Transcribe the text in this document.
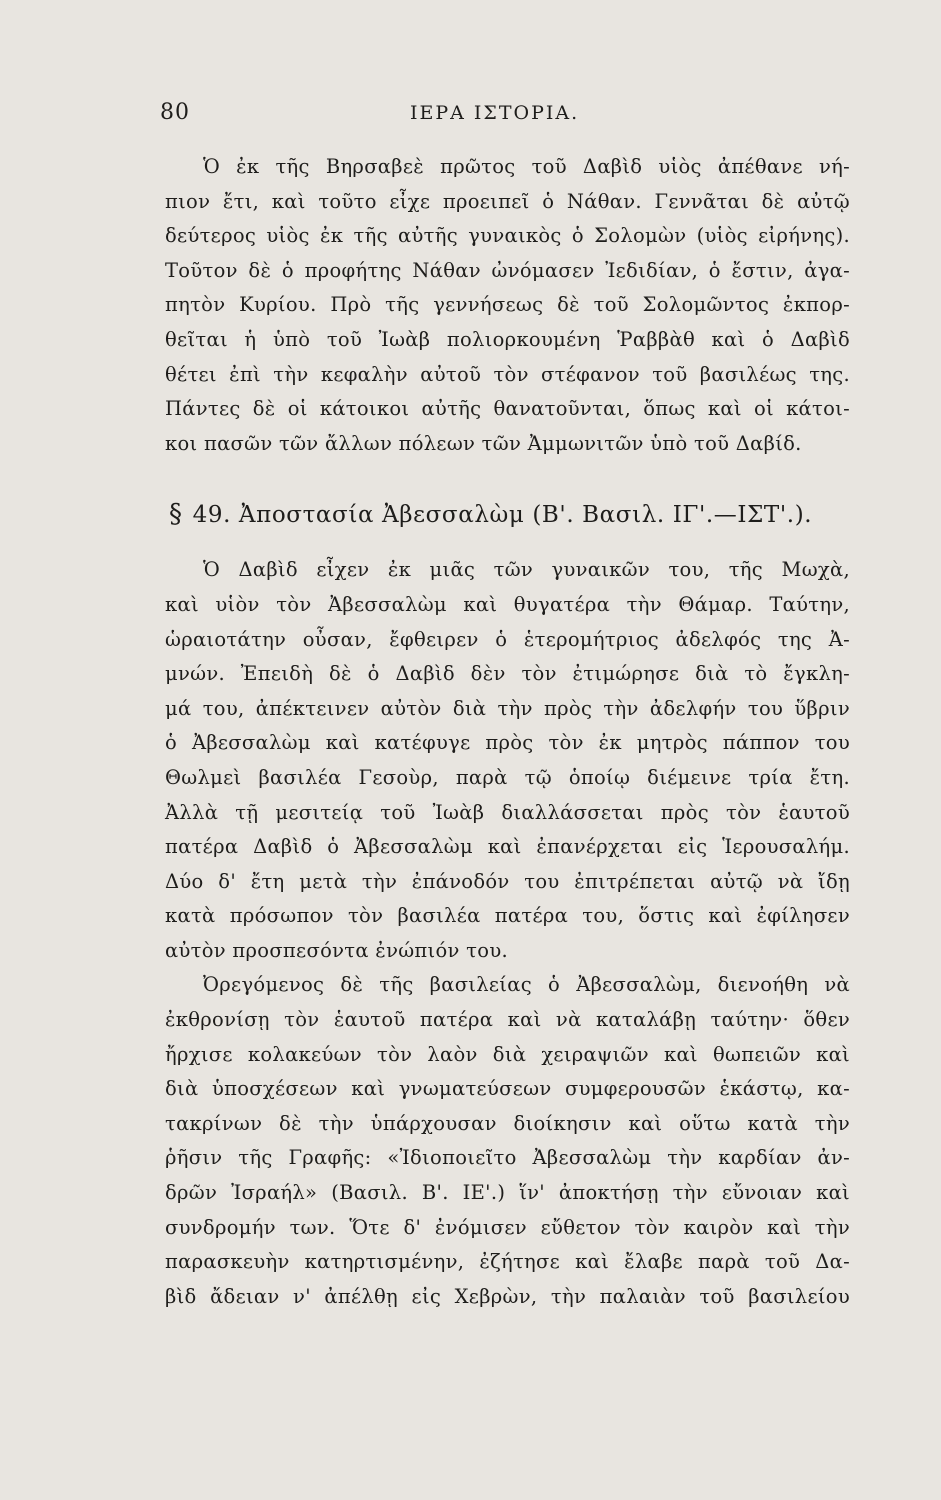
80	ΙΕΡΑ ΙΣΤΟΡΙΑ.
Ὁ ἐκ τῆς Βηρσαβεὲ πρῶτος τοῦ Δαβὶδ υἱὸς ἀπέθανε νή-
πιον ἔτι, καὶ τοῦτο εἶχε προειπεῖ ὁ Νάθαν. Γεννᾶται δὲ αὐτῷ
δεύτερος υἱὸς ἐκ τῆς αὐτῆς γυναικὸς ὁ Σολομὼν (υἱὸς εἰρήνης).
Τοῦτον δὲ ὁ προφήτης Νάθαν ὠνόμασεν Ἰεδιδίαν, ὁ ἔστιν, ἀγα-
πητὸν Κυρίου. Πρὸ τῆς γεννήσεως δὲ τοῦ Σολομῶντος ἐκπορ-
θεῖται ἡ ὑπὸ τοῦ Ἰωὰβ πολιορκουμένη Ῥαββὰθ καὶ ὁ Δαβὶδ
θέτει ἐπὶ τὴν κεφαλὴν αὐτοῦ τὸν στέφανον τοῦ βασιλέως της.
Πάντες δὲ οἱ κάτοικοι αὐτῆς θανατοῦνται, ὅπως καὶ οἱ κάτοι-
κοι πασῶν τῶν ἄλλων πόλεων τῶν Ἀμμωνιτῶν ὑπὸ τοῦ Δαβίδ.
§ 49. Ἀποστασία Ἀβεσσαλὼμ (Β'. Βασιλ. ΙΓ'.—ΙΣΤ'.).
Ὁ Δαβὶδ εἶχεν ἐκ μιᾶς τῶν γυναικῶν του, τῆς Μωχὰ,
καὶ υἱὸν τὸν Ἀβεσσαλὼμ καὶ θυγατέρα τὴν Θάμαρ. Ταύτην,
ὡραιοτάτην οὖσαν, ἔφθειρεν ὁ ἑτερομήτριος ἀδελφός της Ἀ-
μνών. Ἐπειδὴ δὲ ὁ Δαβὶδ δὲν τὸν ἐτιμώρησε διὰ τὸ ἔγκλη-
μά του, ἀπέκτεινεν αὐτὸν διὰ τὴν πρὸς τὴν ἀδελφήν του ὕβριν
ὁ Ἀβεσσαλὼμ καὶ κατέφυγε πρὸς τὸν ἐκ μητρὸς πάππον του
Θωλμεὶ βασιλέα Γεσοὺρ, παρὰ τῷ ὁποίῳ διέμεινε τρία ἔτη.
Ἀλλὰ τῇ μεσιτείᾳ τοῦ Ἰωὰβ διαλλάσσεται πρὸς τὸν ἑαυτοῦ
πατέρα Δαβὶδ ὁ Ἀβεσσαλὼμ καὶ ἐπανέρχεται εἰς Ἱερουσαλήμ.
Δύο δ' ἔτη μετὰ τὴν ἐπάνοδόν του ἐπιτρέπεται αὐτῷ νὰ ἴδῃ
κατὰ πρόσωπον τὸν βασιλέα πατέρα του, ὅστις καὶ ἐφίλησεν
αὐτὸν προσπεσόντα ἐνώπιόν του.
Ὀρεγόμενος δὲ τῆς βασιλείας ὁ Ἀβεσσαλὼμ, διενοήθη νὰ
ἐκθρονίσῃ τὸν ἑαυτοῦ πατέρα καὶ νὰ καταλάβῃ ταύτην· ὅθεν
ἤρχισε κολακεύων τὸν λαὸν διὰ χειραψιῶν καὶ θωπειῶν καὶ
διὰ ὑποσχέσεων καὶ γνωματεύσεων συμφερουσῶν ἑκάστῳ, κα-
τακρίνων δὲ τὴν ὑπάρχουσαν διοίκησιν καὶ οὕτω κατὰ τὴν
ῥῆσιν τῆς Γραφῆς: «Ἰδιοποιεῖτο Ἀβεσσαλὼμ τὴν καρδίαν ἀν-
δρῶν Ἰσραήλ» (Βασιλ. Β'. ΙΕ'.) ἵν' ἀποκτήσῃ τὴν εὔνοιαν καὶ
συνδρομήν των. Ὅτε δ' ἐνόμισεν εὔθετον τὸν καιρὸν καὶ τὴν
παρασκευὴν κατηρτισμένην, ἐζήτησε καὶ ἔλαβε παρὰ τοῦ Δα-
βὶδ ἄδειαν ν' ἀπέλθῃ εἰς Χεβρὼν, τὴν παλαιὰν τοῦ βασιλείου
